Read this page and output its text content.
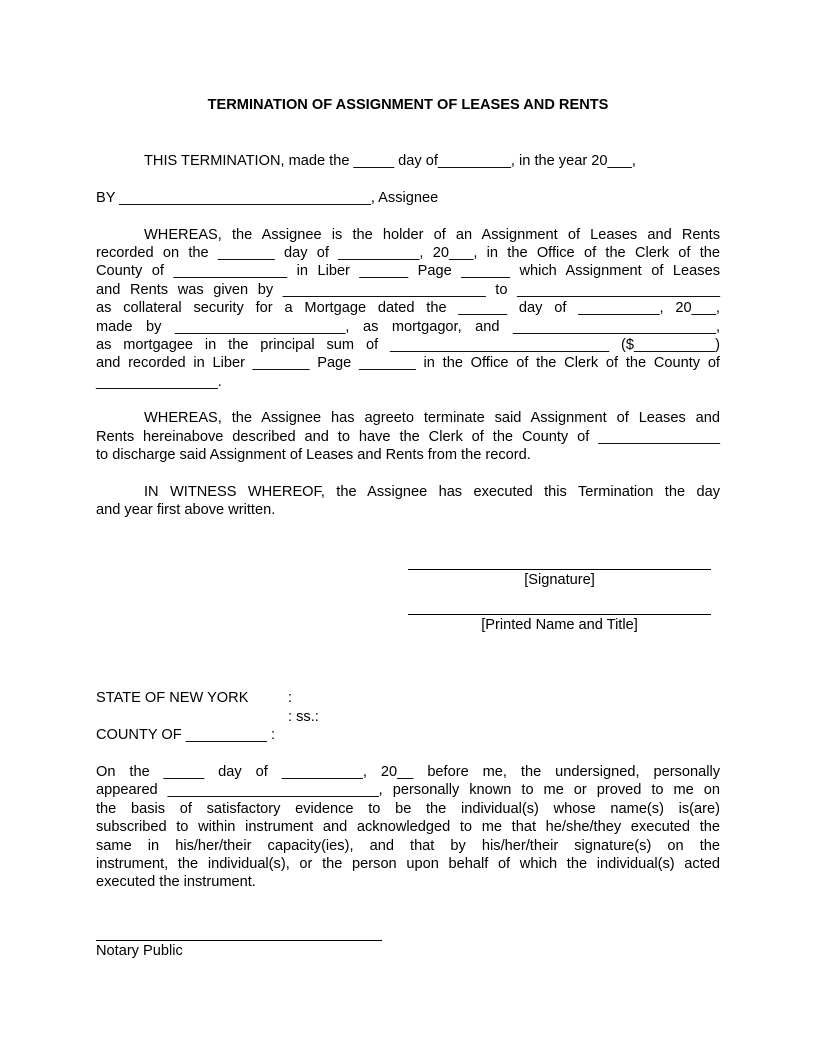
TERMINATION OF ASSIGNMENT OF LEASES AND RENTS
THIS TERMINATION, made the _____ day of_________, in the year 20___,
BY _______________________________, Assignee
WHEREAS, the Assignee is the holder of an Assignment of Leases and Rents
recorded on the _______ day of __________, 20___, in the Office of the Clerk of the
County of ______________ in Liber ______ Page ______ which Assignment of Leases
and Rents was given by _________________________ to _________________________
as collateral security for a Mortgage dated the ______ day of __________, 20___,
made by _____________________, as mortgagor, and _________________________,
as mortgagee in the principal sum of ___________________________ ($__________)
and recorded in Liber _______ Page _______ in the Office of the Clerk of the County of
_______________.
WHEREAS, the Assignee has agreeto terminate said Assignment of Leases and
Rents hereinabove described and to have the Clerk of the County of _______________
to discharge said Assignment of Leases and Rents from the record.
IN WITNESS WHEREOF, the Assignee has executed this Termination the day
and year first above written.
[Signature]
[Printed Name and Title]
STATE OF NEW YORK	:
: ss.:
COUNTY OF __________ :
On the _____ day of __________, 20__ before me, the undersigned, personally
appeared __________________________, personally known to me or proved to me on
the basis of satisfactory evidence to be the individual(s) whose name(s) is(are)
subscribed to within instrument and acknowledged to me that he/she/they executed the
same in his/her/their capacity(ies), and that by his/her/their signature(s) on the
instrument, the individual(s), or the person upon behalf of which the individual(s) acted
executed the instrument.
Notary Public
